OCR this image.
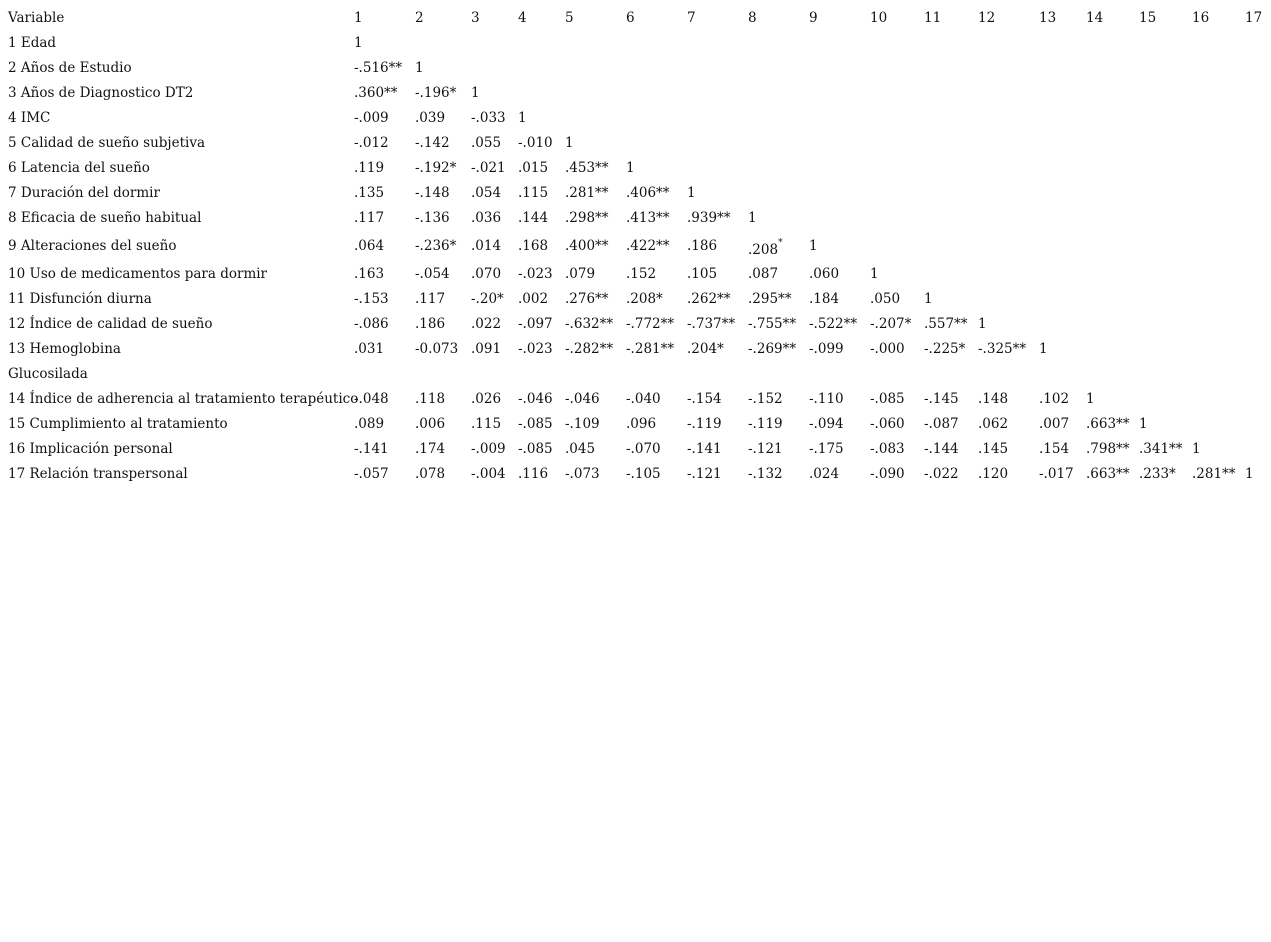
Variable	1	2	3	4	5	6	7	8	9	10	11	12	13	14	15	16	17
1 Edad	1																
2 Años de Estudio	-.516**	1															
3 Años de Diagnostico DT2	.360**	-.196*	1														
4 IMC	-.009	.039	-.033	1													
5 Calidad de sueño subjetiva	-.012	-.142	.055	-.010	1												
6 Latencia del sueño	.119	-.192*	-.021	.015	.453**	1											
7 Duración del dormir	.135	-.148	.054	.115	.281**	.406**	1										
8 Eficacia de sueño habitual	.117	-.136	.036	.144	.298**	.413**	.939**	1									
9 Alteraciones del sueño	.064	-.236*	.014	.168	.400**	.422**	.186	.208*	1								
10 Uso de medicamentos para dormir	.163	-.054	.070	-.023	.079	.152	.105	.087	.060	1							
11 Disfunción diurna	-.153	.117	-.20*	.002	.276**	.208*	.262**	.295**	.184	.050	1						
12 Índice de calidad de sueño	-.086	.186	.022	-.097	-.632**	-.772**	-.737**	-.755**	-.522**	-.207*	.557**	1					
13 Hemoglobina	.031	-0.073	.091	-.023	-.282**	-.281**	.204*	-.269**	-.099	-.000	-.225*	-.325**	1				
Glucosilada																	
14 Índice de adherencia al tratamiento terapéutico	-.048	.118	.026	-.046	-.046	-.040	-.154	-.152	-.110	-.085	-.145	.148	.102	1			
15 Cumplimiento al tratamiento	.089	.006	.115	-.085	-.109	.096	-.119	-.119	-.094	-.060	-.087	.062	.007	.663**	1		
16 Implicación personal	-.141	.174	-.009	-.085	.045	-.070	-.141	-.121	-.175	-.083	-.144	.145	.154	.798**	.341**	1	
17 Relación transpersonal	-.057	.078	-.004	.116	-.073	-.105	-.121	-.132	.024	-.090	-.022	.120	-.017	.663**	.233*	.281**	1
